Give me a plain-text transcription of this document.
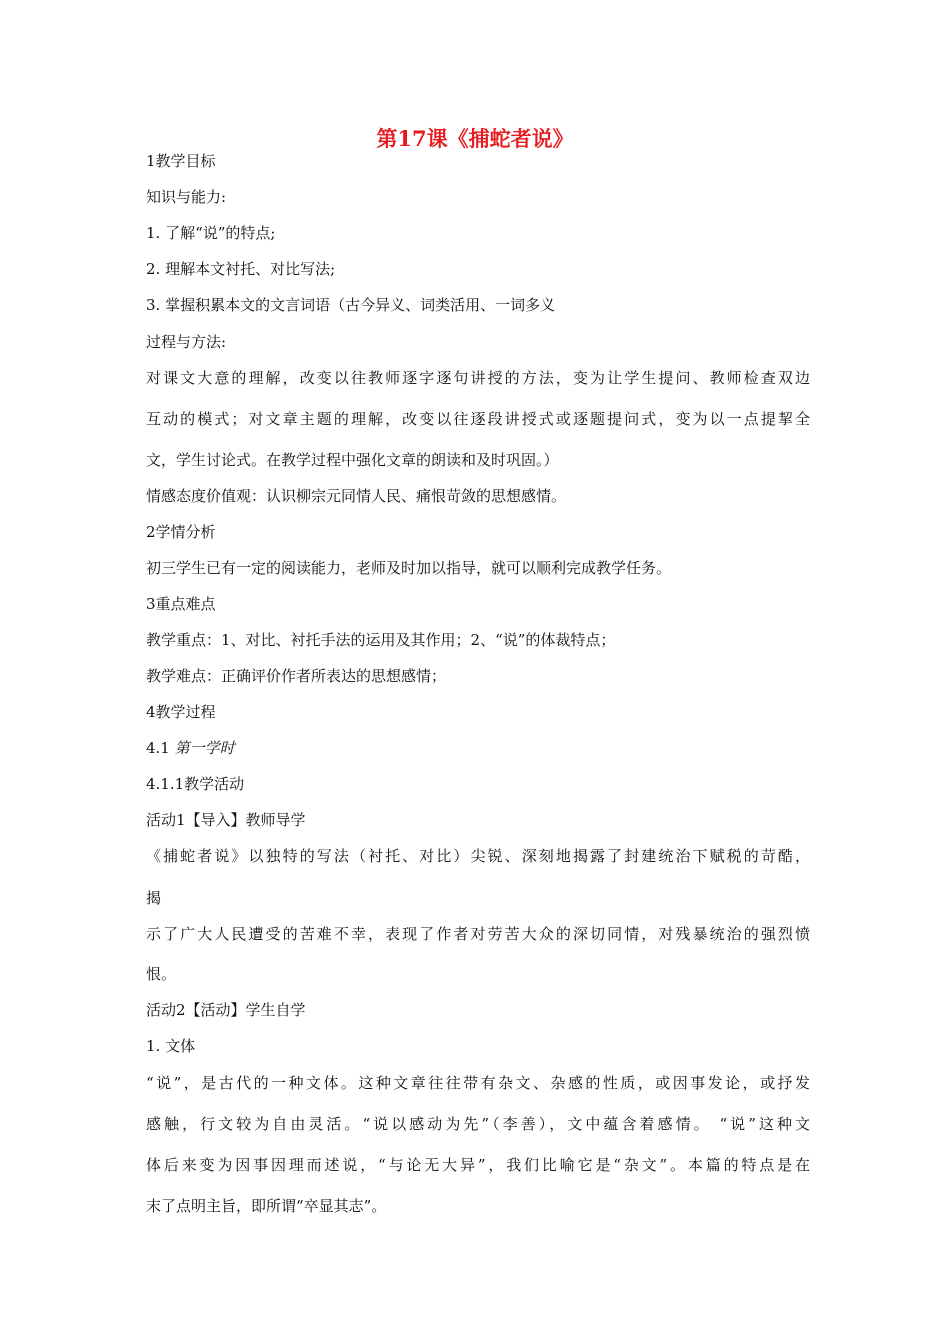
第17课《捕蛇者说》
1教学目标
知识与能力:
1. 了解“说”的特点;
2. 理解本文衬托、对比写法;
3. 掌握积累本文的文言词语（古今异义、词类活用、一词多义
过程与方法:
对课文大意的理解，改变以往教师逐字逐句讲授的方法，变为让学生提问、教师检查双边
互动的模式；对文章主题的理解，改变以往逐段讲授式或逐题提问式，变为以一点提挈全
文，学生讨论式。在教学过程中强化文章的朗读和及时巩固。）
情感态度价值观：认识柳宗元同情人民、痛恨苛敛的思想感情。
2学情分析
初三学生已有一定的阅读能力，老师及时加以指导，就可以顺利完成教学任务。
3重点难点
教学重点：1、对比、衬托手法的运用及其作用；2、“说”的体裁特点；
教学难点：正确评价作者所表达的思想感情；
4教学过程
4.1 第一学时
4.1.1教学活动
活动1【导入】教师导学
《捕蛇者说》以独特的写法（衬托、对比）尖锐、深刻地揭露了封建统治下赋税的苛酷，
揭
示了广大人民遭受的苦难不幸，表现了作者对劳苦大众的深切同情，对残暴统治的强烈愤
恨。
活动2【活动】学生自学
1. 文体
“说”，是古代的一种文体。这种文章往往带有杂文、杂感的性质，或因事发论，或抒发
感触，行文较为自由灵活。“说以感动为先”（李善），文中蕴含着感情。 “说”这种文
体后来变为因事因理而述说，“与论无大异”，我们比喻它是“杂文”。本篇的特点是在
末了点明主旨，即所谓“卒显其志”。
